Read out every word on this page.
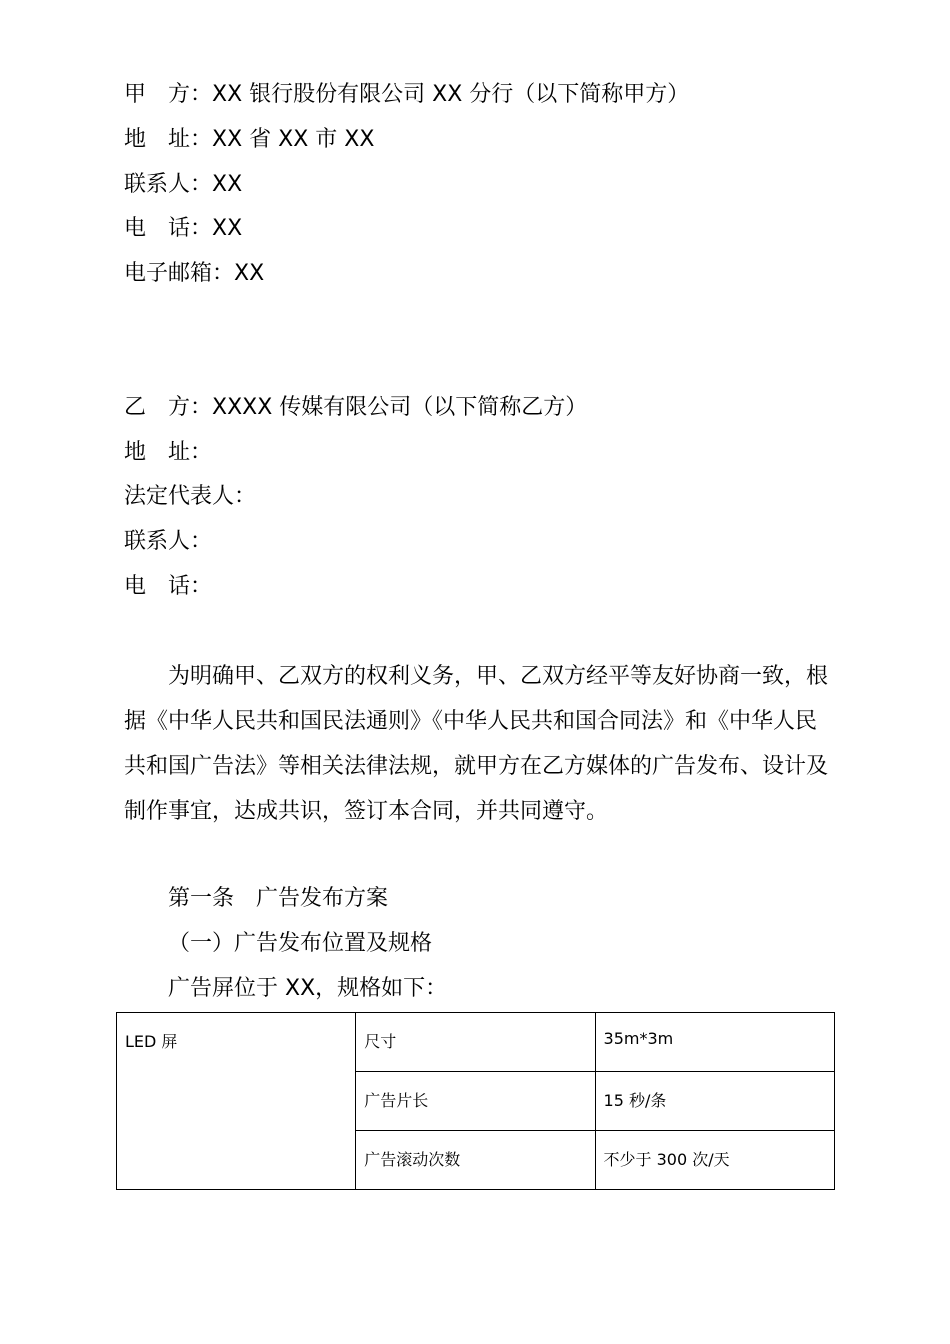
甲　方：XX 银行股份有限公司 XX 分行（以下简称甲方）
地　址：XX 省 XX 市 XX
联系人：XX
电　话：XX
电子邮箱：XX
乙　方：XXXX 传媒有限公司（以下简称乙方）
地　址：
法定代表人：
联系人：
电　话：
为明确甲、乙双方的权利义务，甲、乙双方经平等友好协商一致，根据《中华人民共和国民法通则》《中华人民共和国合同法》和《中华人民共和国广告法》等相关法律法规，就甲方在乙方媒体的广告发布、设计及制作事宜，达成共识，签订本合同，并共同遵守。
第一条　广告发布方案
（一）广告发布位置及规格
广告屏位于 XX，规格如下：
LED 屏	尺寸	35m*3m
	广告片长	15 秒/条
	广告滚动次数	不少于 300 次/天
